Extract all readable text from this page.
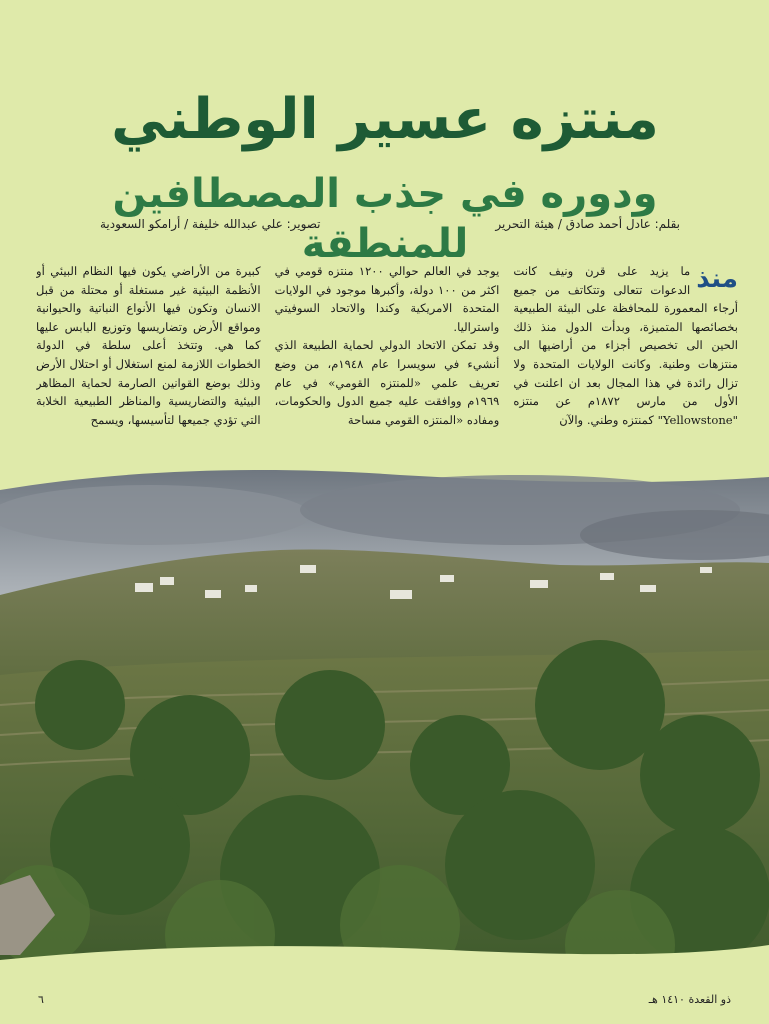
منتزه عسير الوطني
ودوره في جذب المصطافين للمنطقة	بقلم: عادل أحمد صادق / هيئة التحرير
تصوير: علي عبدالله خليفة / أرامكو السعودية
منذ

ما يزيد على قرن ونيف كانت الدعوات تتعالى وتتكاتف من جميع أرجاء المعمورة للمحافظة على البيئة الطبيعية بخصائصها المتميزة، وبدأت الدول منذ ذلك الحين الى تخصيص أجزاء من أراضيها الى منتزهات وطنية. وكانت الولايات المتحدة ولا تزال رائدة في هذا المجال بعد ان اعلنت في الأول من مارس ١٨٧٢م عن منتزه "Yellowstone" كمنتزه وطني. والآن

يوجد في العالم حوالي ١٢٠٠ منتزه قومي في اكثر من ١٠٠ دولة، وأكبرها موجود في الولايات المتحدة الامريكية وكندا والاتحاد السوفيتي واستراليا.

وقد تمكن الاتحاد الدولي لحماية الطبيعة الذي أنشيء في سويسرا عام ١٩٤٨م، من وضع تعريف علمي «للمنتزه القومي» في عام ١٩٦٩م ووافقت عليه جميع الدول والحكومات، ومفاده «المنتزه القومي مساحة

كبيرة من الأراضي يكون فيها النظام البيئي أو الأنظمة البيئية غير مستغلة أو محتلة من قبل الانسان وتكون فيها الأنواع النباتية والحيوانية ومواقع الأرض وتضاريسها وتوزيع اليابس عليها كما هي. وتتخذ أعلى سلطة في الدولة الخطوات اللازمة لمنع استغلال أو احتلال الأرض وذلك بوضع القوانين الصارمة لحماية المظاهر البيئية والتضاريسية والمناظر الطبيعية الخلابة التي تؤدي جميعها لتأسيسها، ويسمح

٦	ذو القعدة ١٤١٠ هـ
